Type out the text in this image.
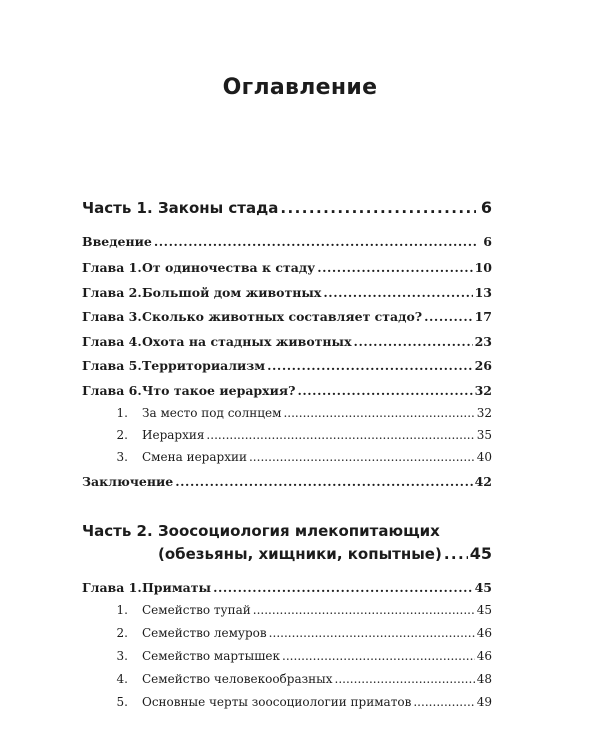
Оглавление
Часть 1. Законы стада . . .	6
Введение . . .	6
Глава 1. От одиночества к стаду . . .	10
Глава 2. Большой дом животных . . .	13
Глава 3. Сколько животных составляет стадо? . . .	17
Глава 4. Охота на стадных животных . . .	23
Глава 5. Территориализм . . .	26
Глава 6. Что такое иерархия? . . .	32
1.	За место под солнцем . . .	32
2.	Иерархия . . .	35
3.	Смена иерархии . . .	40
Заключение . . .	42
Часть 2. Зоосоциология млекопитающих
(обезьяны, хищники, копытные) . . . 45
Глава 1. Приматы . . .	45
1.	Семейство тупай . . .	45
2.	Семейство лемуров . . .	46
3.	Семейство мартышек . . .	46
4.	Семейство человекообразных . . .	48
5.	Основные черты зоосоциологии приматов . . .	49
